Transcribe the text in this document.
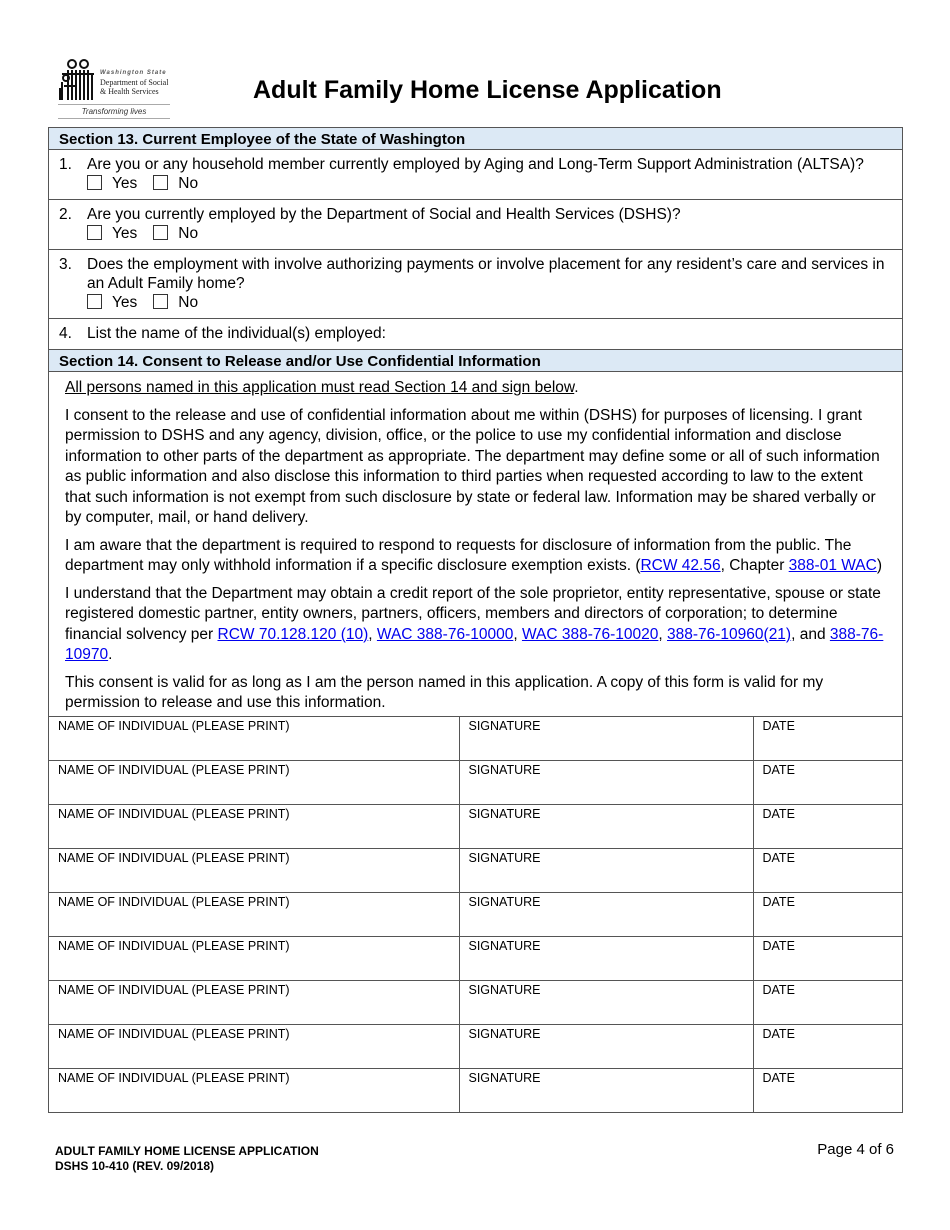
Washington State
Department of Social
& Health Services
Transforming lives
Adult Family Home License Application
Section 13. Current Employee of the State of Washington
1. Are you or any household member currently employed by Aging and Long-Term Support Administration (ALTSA)?
Yes	No
2. Are you currently employed by the Department of Social and Health Services (DSHS)?
Yes	No
3. Does the employment with involve authorizing payments or involve placement for any resident’s care and services in an Adult Family home?
Yes	No
4. List the name of the individual(s) employed:
Section 14. Consent to Release and/or Use Confidential Information

All persons named in this application must read Section 14 and sign below.

I consent to the release and use of confidential information about me within (DSHS) for purposes of licensing. I grant permission to DSHS and any agency, division, office, or the police to use my confidential information and disclose information to other parts of the department as appropriate. The department may define some or all of such information as public information and also disclose this information to third parties when requested according to law to the extent that such information is not exempt from such disclosure by state or federal law. Information may be shared verbally or by computer, mail, or hand delivery.

I am aware that the department is required to respond to requests for disclosure of information from the public. The department may only withhold information if a specific disclosure exemption exists. (RCW 42.56, Chapter 388-01 WAC)

I understand that the Department may obtain a credit report of the sole proprietor, entity representative, spouse or state registered domestic partner, entity owners, partners, officers, members and directors of corporation; to determine financial solvency per RCW 70.128.120 (10), WAC 388-76-10000, WAC 388-76-10020, 388-76-10960(21), and 388-76-10970.

This consent is valid for as long as I am the person named in this application. A copy of this form is valid for my permission to release and use this information.

NAME OF INDIVIDUAL (PLEASE PRINT)	SIGNATURE	DATE
NAME OF INDIVIDUAL (PLEASE PRINT)	SIGNATURE	DATE
NAME OF INDIVIDUAL (PLEASE PRINT)	SIGNATURE	DATE
NAME OF INDIVIDUAL (PLEASE PRINT)	SIGNATURE	DATE
NAME OF INDIVIDUAL (PLEASE PRINT)	SIGNATURE	DATE
NAME OF INDIVIDUAL (PLEASE PRINT)	SIGNATURE	DATE
NAME OF INDIVIDUAL (PLEASE PRINT)	SIGNATURE	DATE
NAME OF INDIVIDUAL (PLEASE PRINT)	SIGNATURE	DATE
NAME OF INDIVIDUAL (PLEASE PRINT)	SIGNATURE	DATE
ADULT FAMILY HOME LICENSE APPLICATION
DSHS 10-410 (REV. 09/2018)
Page 4 of 6
